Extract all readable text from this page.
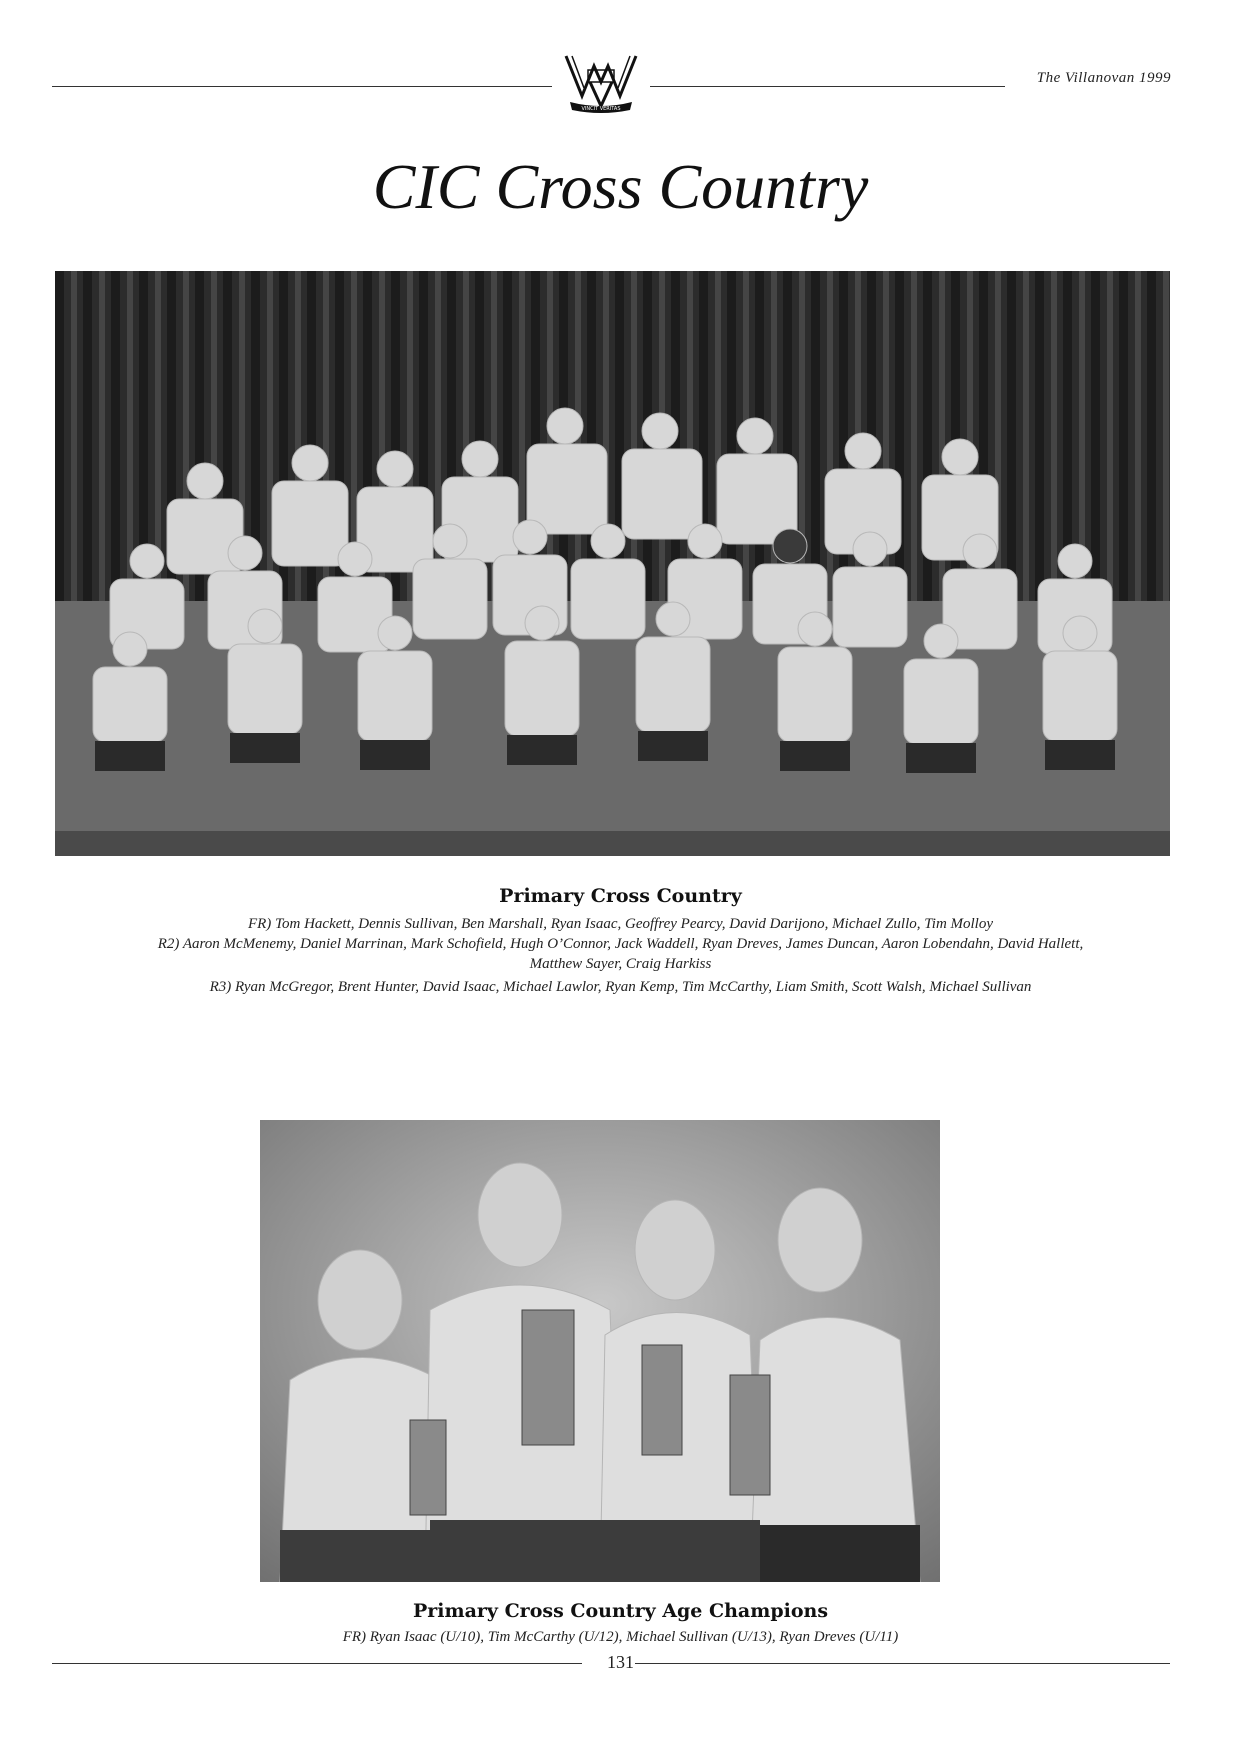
VINCIT VERITAS
The Villanovan 1999
CIC Cross Country
Primary Cross Country
FR) Tom Hackett, Dennis Sullivan, Ben Marshall, Ryan Isaac, Geoffrey Pearcy, David Darijono, Michael Zullo, Tim Molloy
R2) Aaron McMenemy, Daniel Marrinan, Mark Schofield, Hugh O’Connor, Jack Waddell, Ryan Dreves, James Duncan, Aaron Lobendahn, David Hallett,
Matthew Sayer, Craig Harkiss
R3) Ryan McGregor, Brent Hunter, David Isaac, Michael Lawlor, Ryan Kemp, Tim McCarthy, Liam Smith, Scott Walsh, Michael Sullivan
Primary Cross Country Age Champions
FR) Ryan Isaac (U/10), Tim McCarthy (U/12), Michael Sullivan (U/13), Ryan Dreves (U/11)
131
